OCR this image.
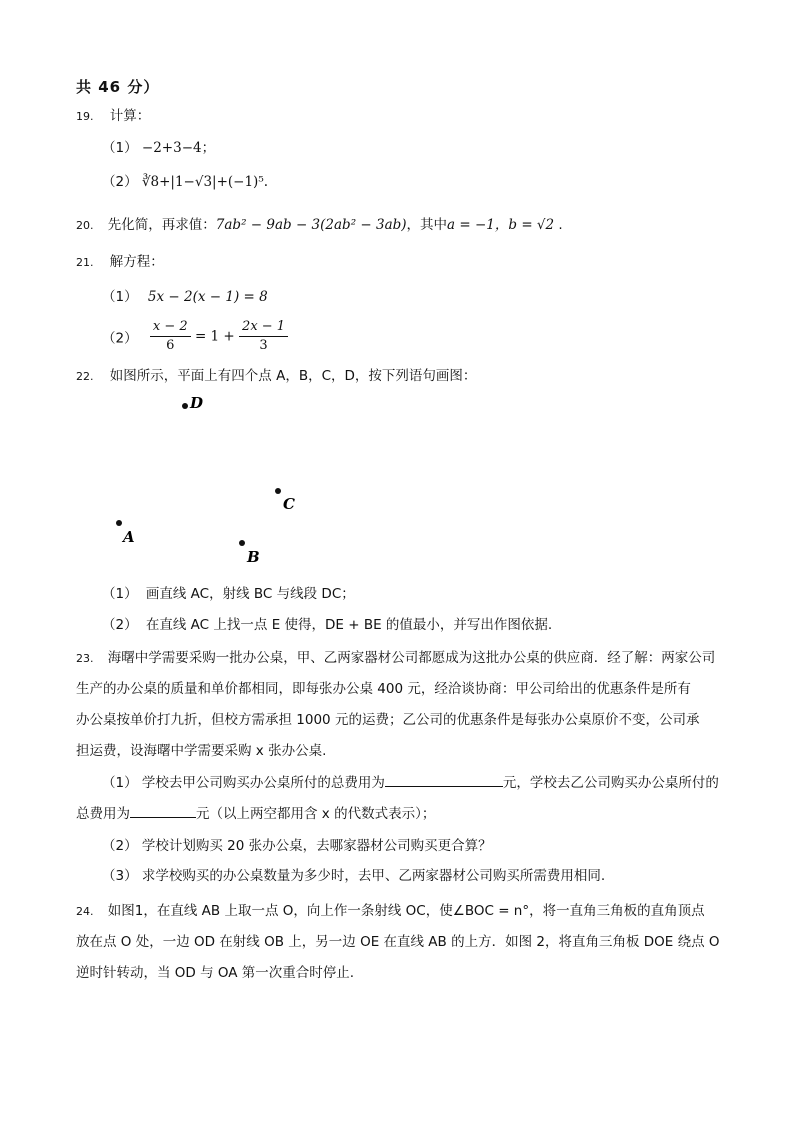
共 46 分）
19. 计算：
（1） −2+3−4；
（2） ∛8+|1−√3|+(−1)⁵.
20. 先化简，再求值：7ab² − 9ab − 3(2ab² − 3ab)，其中a = −1，b = √2 .
21. 解方程：
（1） 5x − 2(x − 1) = 8
$(2) \frac{x - 2}{6} = 1 + \frac{2x - 1}{3}$
22. 如图所示，平面上有四个点 A，B，C，D，按下列语句画图：
D
C
A
B
（1） 画直线 AC，射线 BC 与线段 DC；
（2） 在直线 AC 上找一点 E 使得，DE + BE 的值最小，并写出作图依据.
23. 海曙中学需要采购一批办公桌，甲、乙两家器材公司都愿成为这批办公桌的供应商．经了解：两家公司
生产的办公桌的质量和单价都相同，即每张办公桌 400 元，经洽谈协商：甲公司给出的优惠条件是所有
办公桌按单价打九折，但校方需承担 1000 元的运费；乙公司的优惠条件是每张办公桌原价不变，公司承
担运费，设海曙中学需要采购 x 张办公桌.
（1） 学校去甲公司购买办公桌所付的总费用为	元，学校去乙公司购买办公桌所付的
总费用为	元（以上两空都用含 x 的代数式表示）；
（2） 学校计划购买 20 张办公桌，去哪家器材公司购买更合算？
（3） 求学校购买的办公桌数量为多少时，去甲、乙两家器材公司购买所需费用相同.
24. 如图1，在直线 AB 上取一点 O，向上作一条射线 OC，使∠BOC = n°，将一直角三角板的直角顶点
放在点 O 处，一边 OD 在射线 OB 上，另一边 OE 在直线 AB 的上方．如图 2，将直角三角板 DOE 绕点 O
逆时针转动，当 OD 与 OA 第一次重合时停止.
